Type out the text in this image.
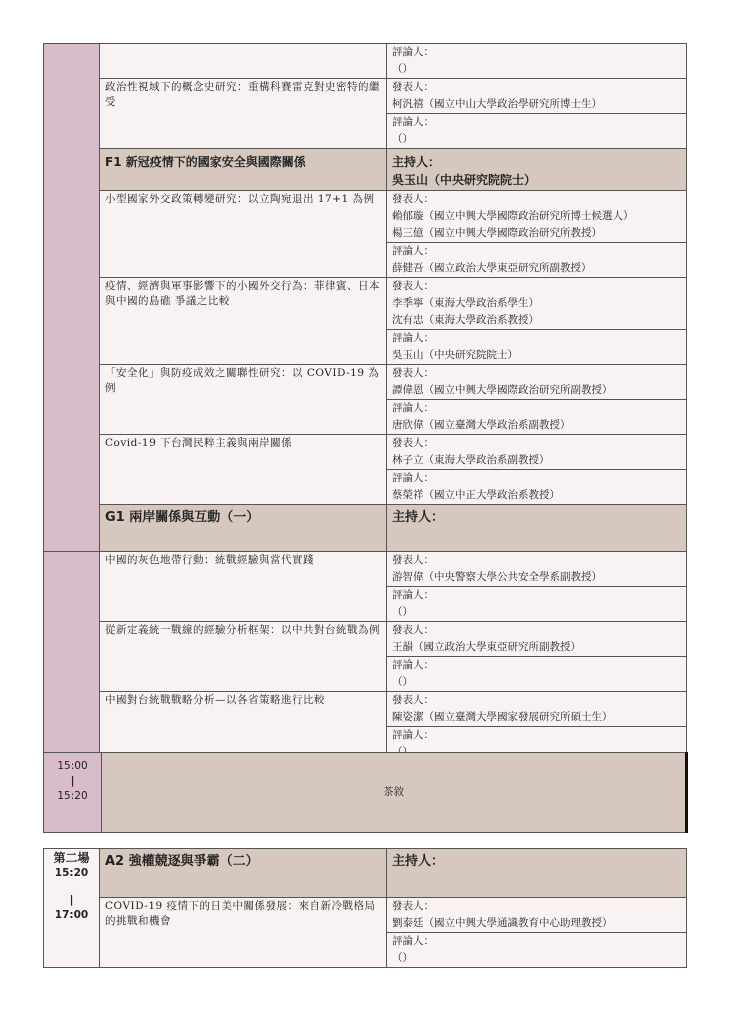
		評論人：

		（）
	政治性視域下的概念史研究：重構科賽雷克對史密特的繼受	發表人：
		柯汎禧（國立中山大學政治學研究所博士生）
		評論人：
		（）
	F1 新冠疫情下的國家安全與國際關係	主持人：
		吳玉山（中央研究院院士）
	小型國家外交政策轉變研究：以立陶宛退出 17+1 為例	發表人：
		賴郁璇（國立中興大學國際政治研究所博士候選人）
		楊三億（國立中興大學國際政治研究所教授）
		評論人：
		薛健吾（國立政治大學東亞研究所副教授）
	疫情、經濟與軍事影響下的小國外交行為：菲律賓、日本與中國的島礁 爭議之比較	發表人：
		李季寧（東海大學政治系學生）
		沈有忠（東海大學政治系教授）
		評論人：
		吳玉山（中央研究院院士）
	「安全化」與防疫成效之關聯性研究：以 COVID-19 為例	發表人：
		譚偉恩（國立中興大學國際政治研究所副教授）
		評論人：
		唐欣偉（國立臺灣大學政治系副教授）
	Covid-19 下台灣民粹主義與兩岸關係	發表人：
		林子立（東海大學政治系副教授）
		評論人：
		蔡榮祥（國立中正大學政治系教授）
	G1 兩岸關係與互動（一）	主持人：
	中國的灰色地帶行動：統戰經驗與當代實踐	發表人：
		游智偉（中央警察大學公共安全學系副教授）
		評論人：
		（）
	從新定義統一戰線的經驗分析框架：以中共對台統戰為例	發表人：
		王韻（國立政治大學東亞研究所副教授）
		評論人：
		（）
	中國對台統戰戰略分析—以各省策略進行比較	發表人：
		陳姿潔（國立臺灣大學國家發展研究所碩士生）
		評論人：

15:00
|
15:20	茶敘
第二場
15:20
|
17:00	A2 強權競逐與爭霸（二）	主持人：
	COVID-19 疫情下的日美中關係發展：來自新冷戰格局的挑戰和機會	發表人：
		劉泰廷（國立中興大學通識教育中心助理教授）
		評論人：
		（）
